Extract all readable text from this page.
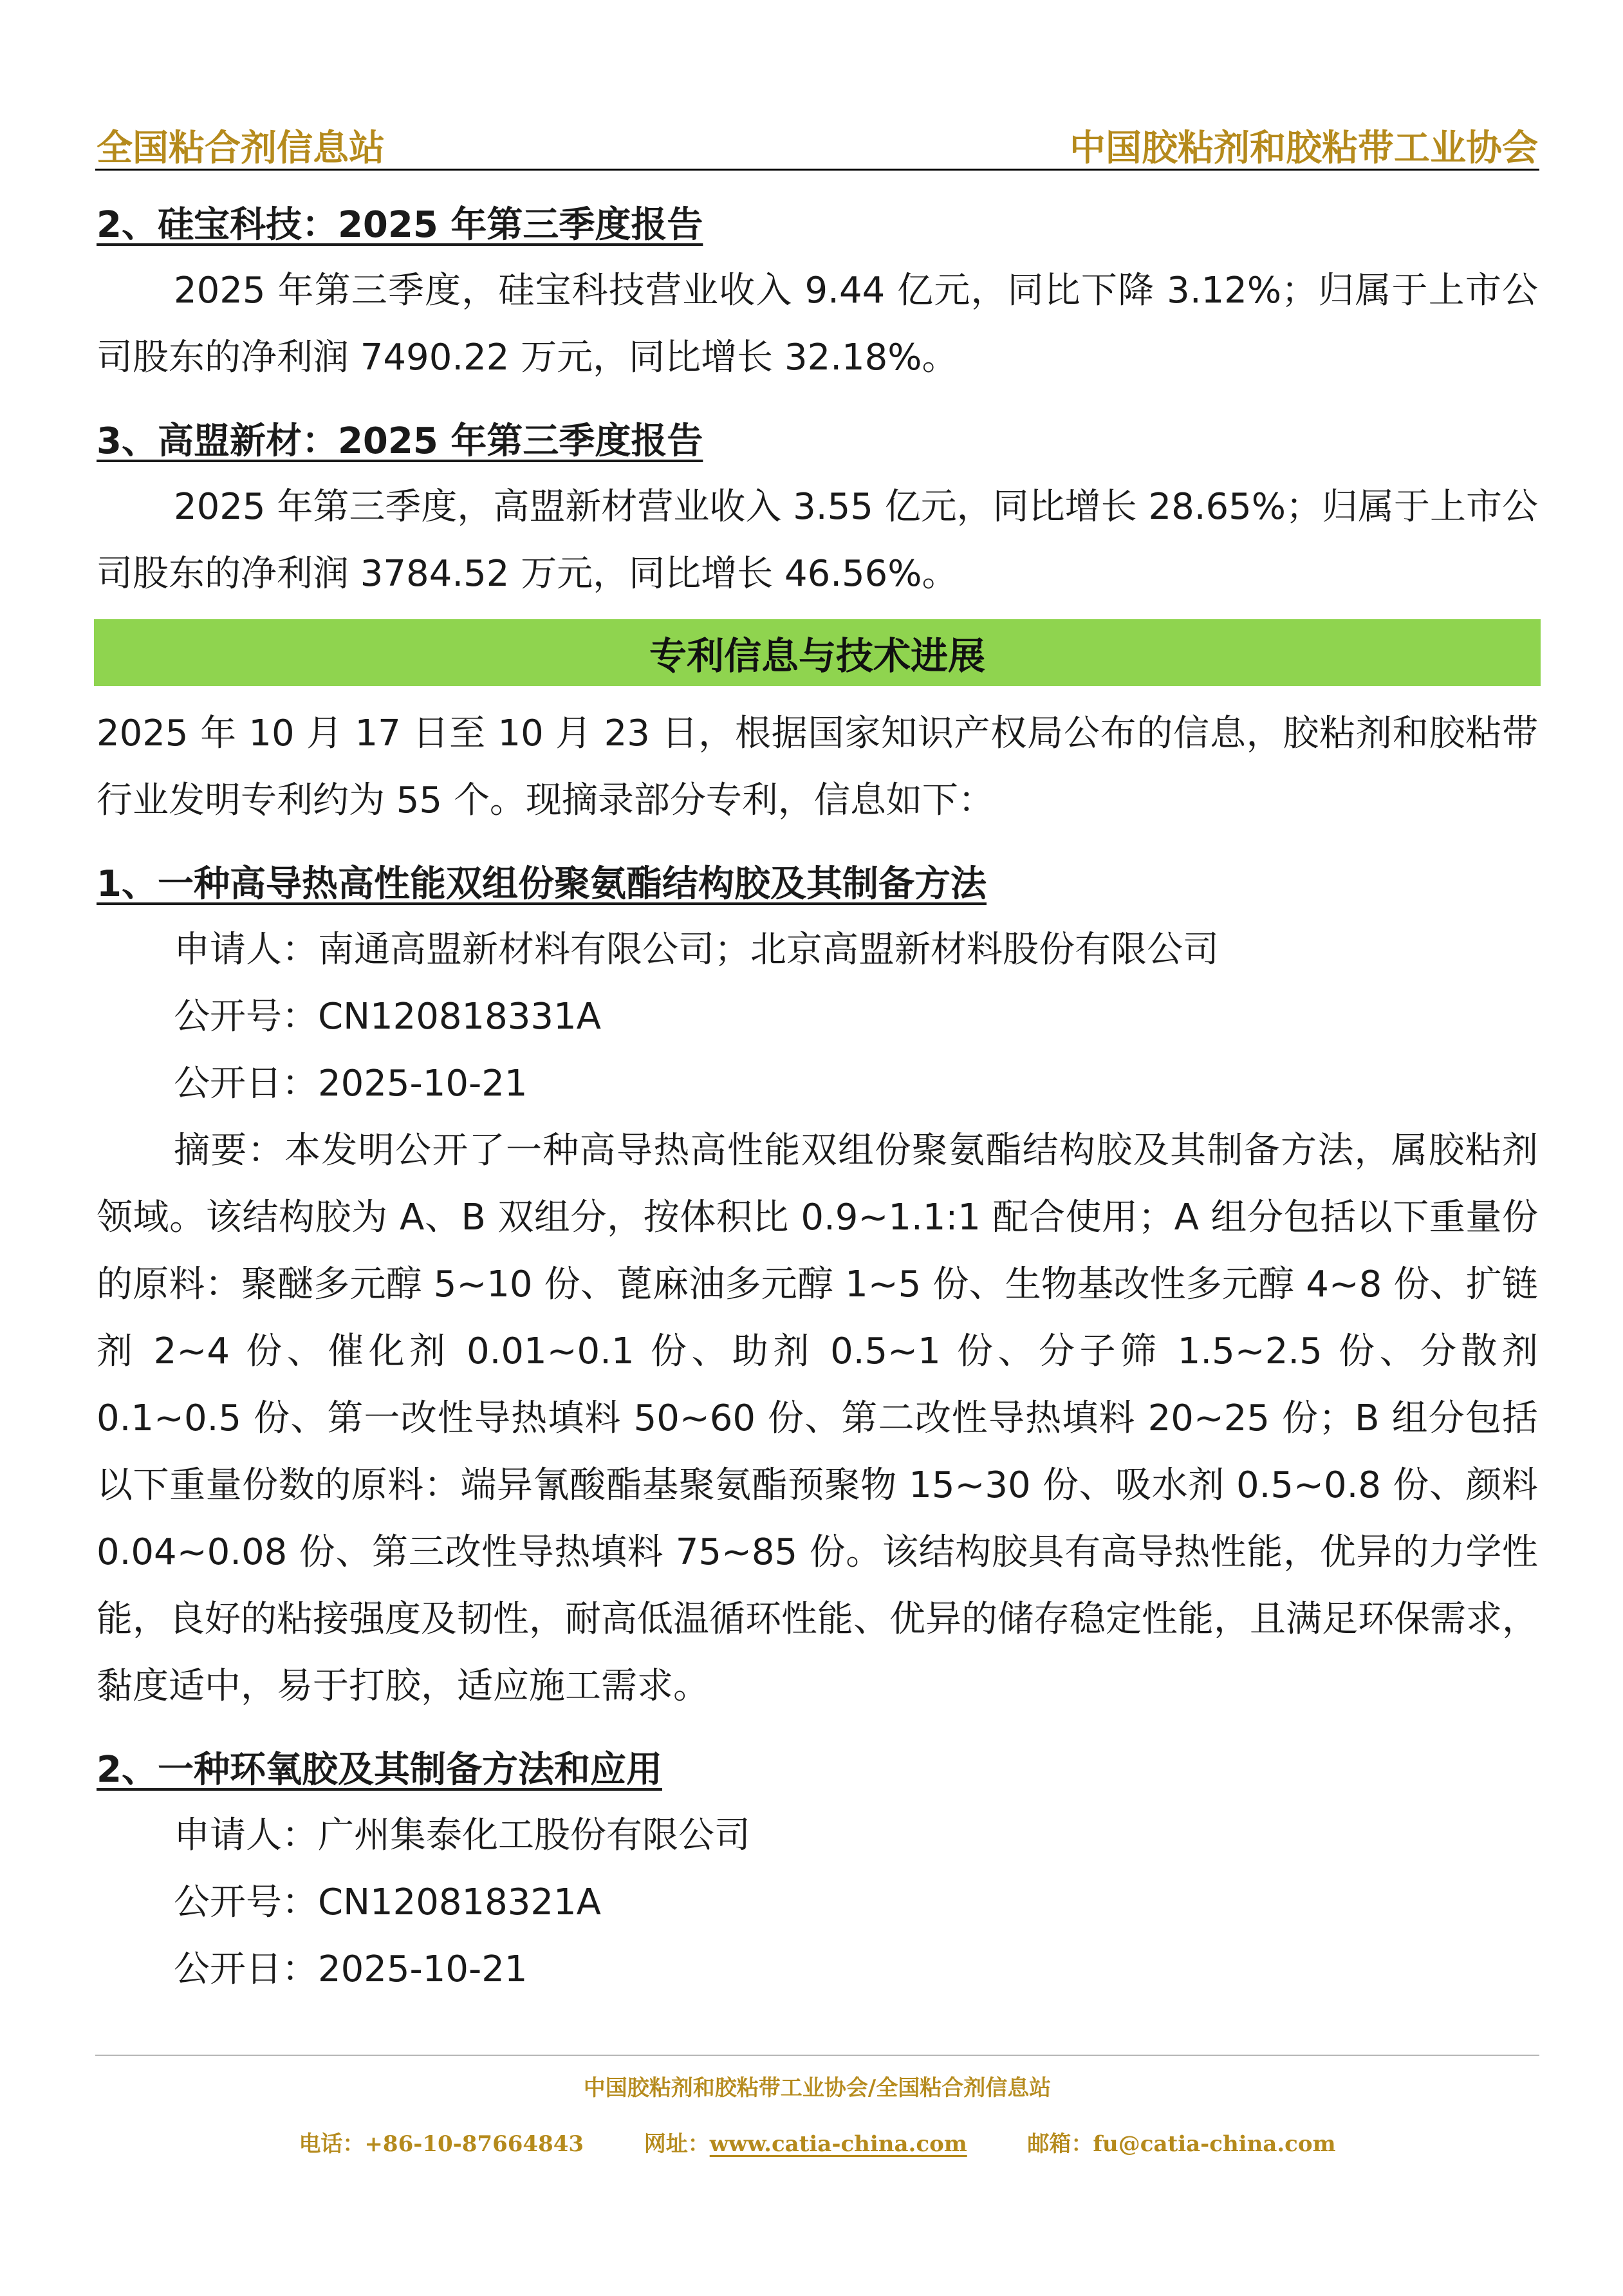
全国粘合剂信息站	中国胶粘剂和胶粘带工业协会

2、硅宝科技：2025 年第三季度报告

2025 年第三季度，硅宝科技营业收入 9.44 亿元，同比下降 3.12%；归属于上市公司股东的净利润 7490.22 万元，同比增长 32.18%。

3、高盟新材：2025 年第三季度报告

2025 年第三季度，高盟新材营业收入 3.55 亿元，同比增长 28.65%；归属于上市公司股东的净利润 3784.52 万元，同比增长 46.56%。

专利信息与技术进展

2025 年 10 月 17 日至 10 月 23 日，根据国家知识产权局公布的信息，胶粘剂和胶粘带行业发明专利约为 55 个。现摘录部分专利，信息如下：

1、一种高导热高性能双组份聚氨酯结构胶及其制备方法

申请人：南通高盟新材料有限公司；北京高盟新材料股份有限公司

公开号：CN120818331A

公开日：2025-10-21

摘要：本发明公开了一种高导热高性能双组份聚氨酯结构胶及其制备方法，属胶粘剂领域。该结构胶为 A、B 双组分，按体积比 0.9~1.1:1 配合使用；A 组分包括以下重量份的原料：聚醚多元醇 5~10 份、蓖麻油多元醇 1~5 份、生物基改性多元醇 4~8 份、扩链剂 2~4 份、催化剂 0.01~0.1 份、助剂 0.5~1 份、分子筛 1.5~2.5 份、分散剂 0.1~0.5 份、第一改性导热填料 50~60 份、第二改性导热填料 20~25 份；B 组分包括以下重量份数的原料：端异氰酸酯基聚氨酯预聚物 15~30 份、吸水剂 0.5~0.8 份、颜料 0.04~0.08 份、第三改性导热填料 75~85 份。该结构胶具有高导热性能，优异的力学性能，良好的粘接强度及韧性，耐高低温循环性能、优异的储存稳定性能，且满足环保需求，黏度适中，易于打胶，适应施工需求。

2、一种环氧胶及其制备方法和应用

申请人：广州集泰化工股份有限公司

公开号：CN120818321A

公开日：2025-10-21

中国胶粘剂和胶粘带工业协会/全国粘合剂信息站
电话：+86-10-87664843	网址：www.catia-china.com	邮箱：fu@catia-china.com
